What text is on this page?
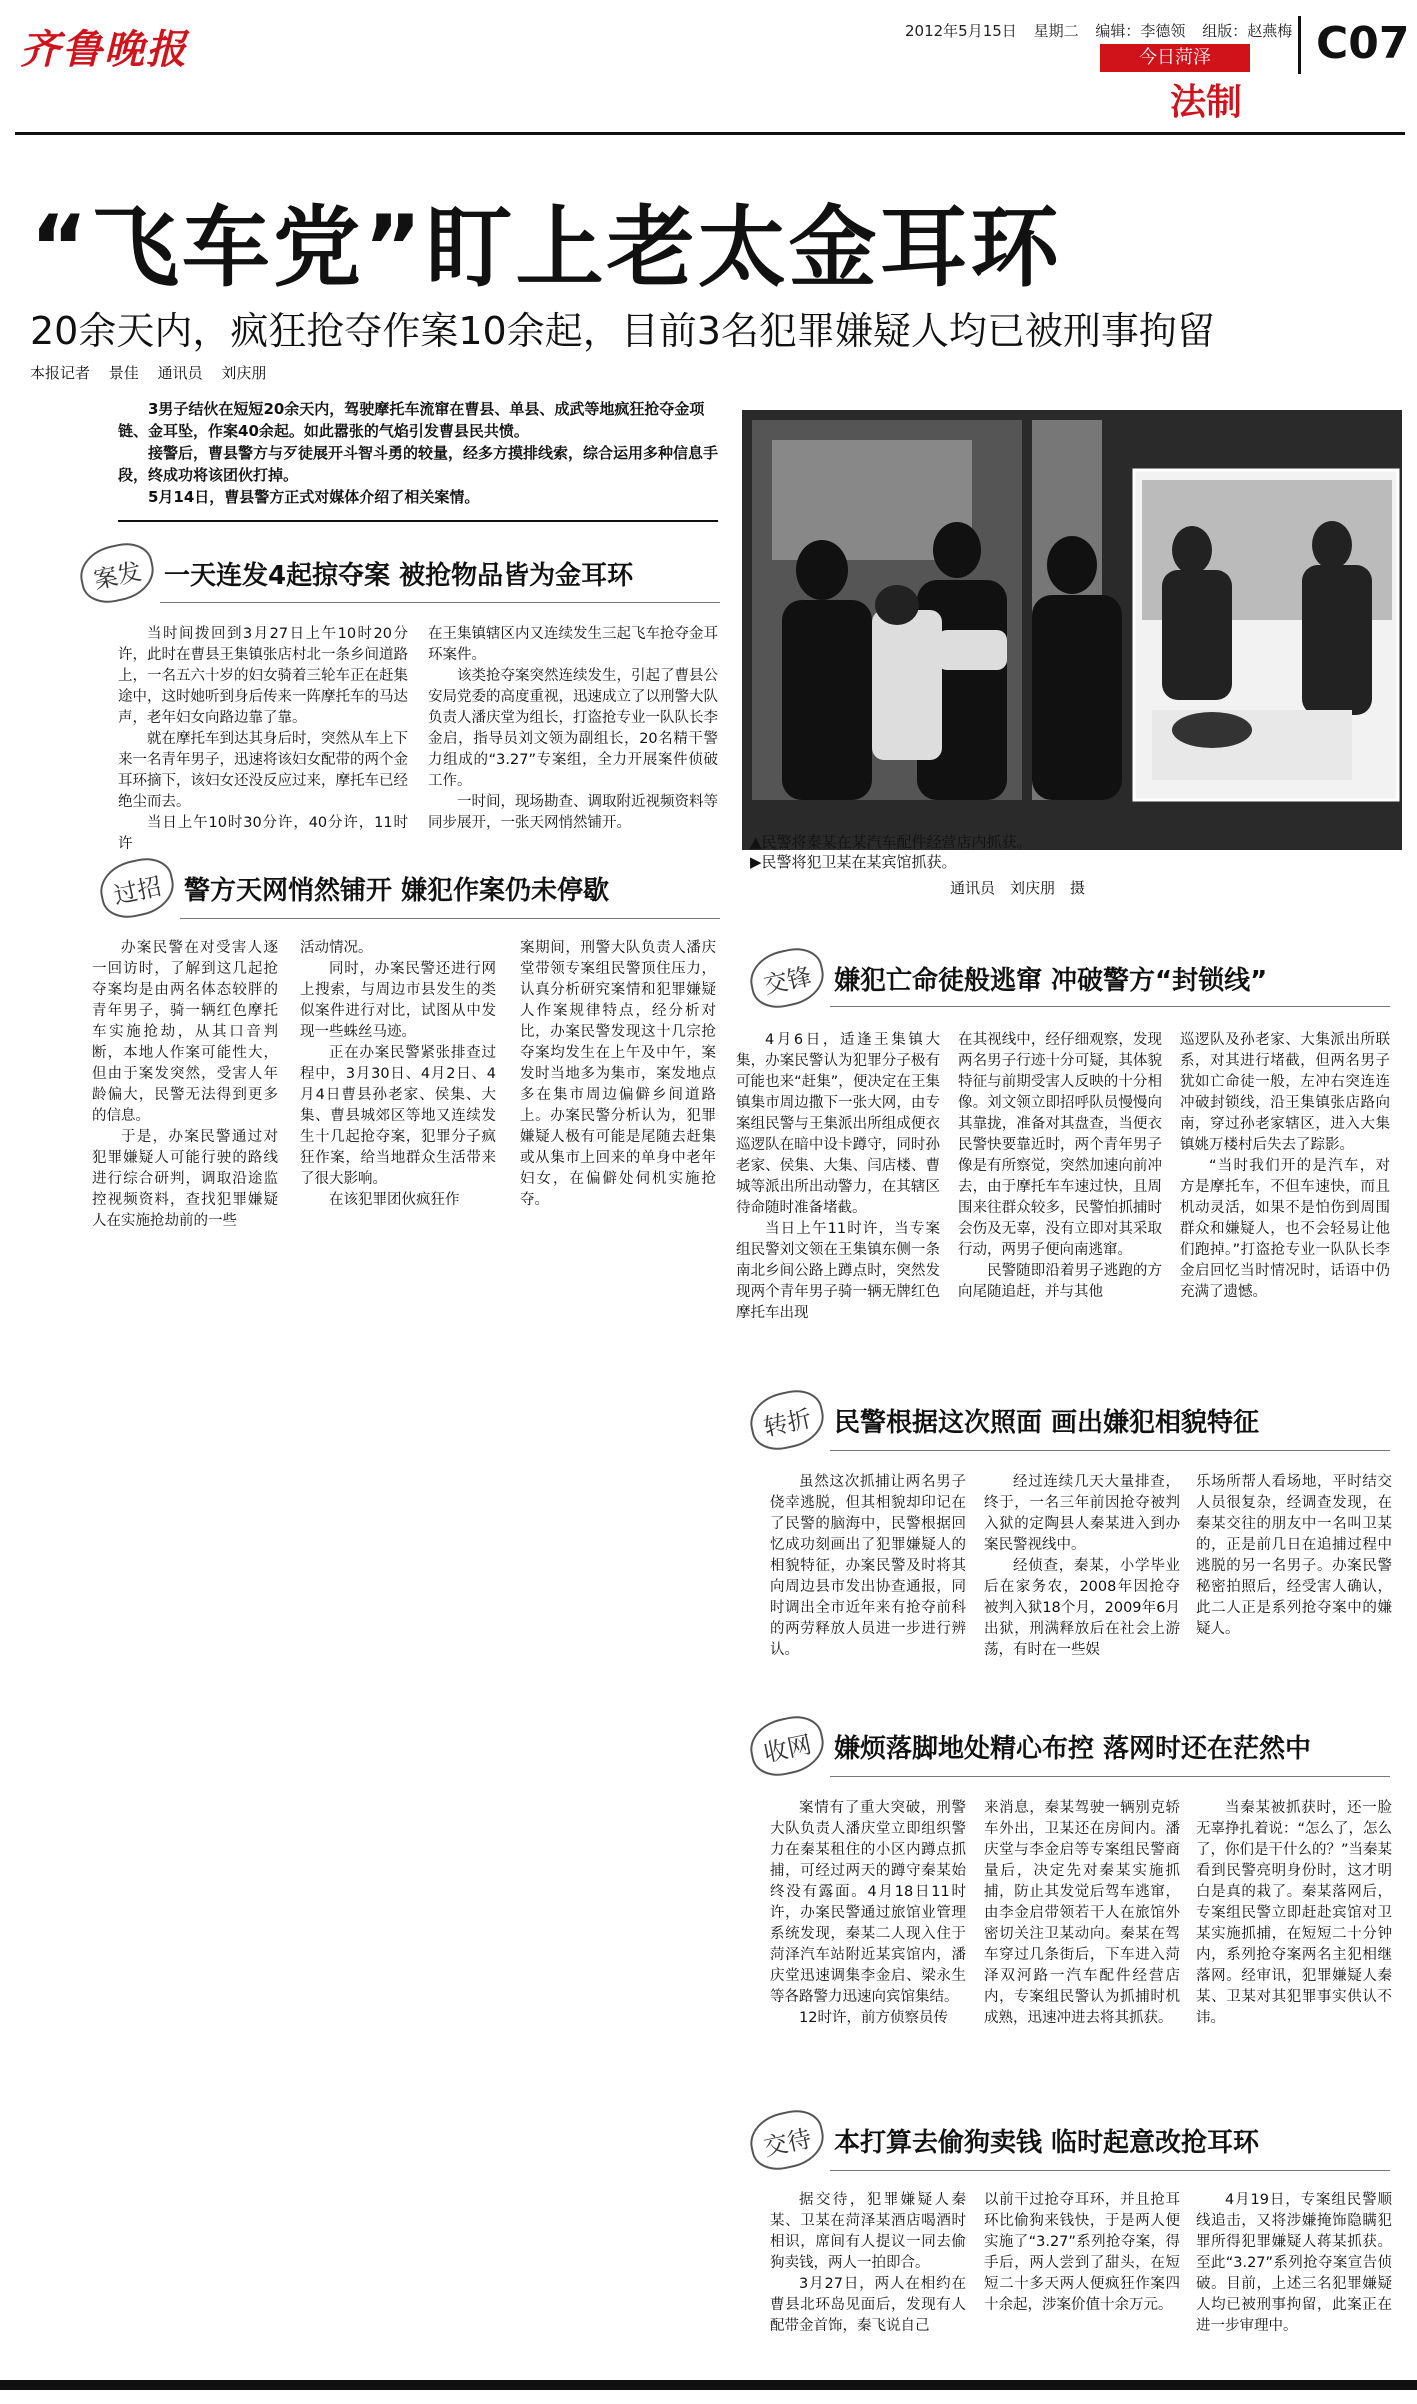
齐鲁晚报	2012年5月15日 星期二 编辑：李德领 组版：赵燕梅
今日菏泽
法制
C07
“飞车党”盯上老太金耳环
20余天内，疯狂抢夺作案10余起，目前3名犯罪嫌疑人均已被刑事拘留
本报记者 景佳 通讯员 刘庆朋

3男子结伙在短短20余天内，驾驶摩托车流窜在曹县、单县、成武等地疯狂抢夺金项链、金耳坠，作案40余起。如此嚣张的气焰引发曹县民共愤。

接警后，曹县警方与歹徒展开斗智斗勇的较量，经多方摸排线索，综合运用多种信息手段，终成功将该团伙打掉。

5月14日，曹县警方正式对媒体介绍了相关案情。

▲民警将秦某在某汽车配件经营店内抓获。
▶民警将犯卫某在某宾馆抓获。
通讯员　刘庆朋　摄
案发 一天连发4起掠夺案 被抢物品皆为金耳环

当时间拨回到3月27日上午10时20分许，此时在曹县王集镇张店村北一条乡间道路上，一名五六十岁的妇女骑着三轮车正在赶集途中，这时她听到身后传来一阵摩托车的马达声，老年妇女向路边靠了靠。

就在摩托车到达其身后时，突然从车上下来一名青年男子，迅速将该妇女配带的两个金耳环摘下，该妇女还没反应过来，摩托车已经绝尘而去。

当日上午10时30分许，40分许，11时许

在王集镇辖区内又连续发生三起飞车抢夺金耳环案件。

该类抢夺案突然连续发生，引起了曹县公安局党委的高度重视，迅速成立了以刑警大队负责人潘庆堂为组长，打盗抢专业一队队长李金启，指导员刘文领为副组长，20名精干警力组成的“3.27”专案组，全力开展案件侦破工作。

一时间，现场勘查、调取附近视频资料等同步展开，一张天网悄然铺开。

过招 警方天网悄然铺开 嫌犯作案仍未停歇

办案民警在对受害人逐一回访时，了解到这几起抢夺案均是由两名体态较胖的青年男子，骑一辆红色摩托车实施抢劫，从其口音判断，本地人作案可能性大，但由于案发突然，受害人年龄偏大，民警无法得到更多的信息。

于是，办案民警通过对犯罪嫌疑人可能行驶的路线进行综合研判，调取沿途监控视频资料，查找犯罪嫌疑人在实施抢劫前的一些

活动情况。

同时，办案民警还进行网上搜索，与周边市县发生的类似案件进行对比，试图从中发现一些蛛丝马迹。

正在办案民警紧张排查过程中，3月30日、4月2日、4月4日曹县孙老家、侯集、大集、曹县城郊区等地又连续发生十几起抢夺案，犯罪分子疯狂作案，给当地群众生活带来了很大影响。

在该犯罪团伙疯狂作

案期间，刑警大队负责人潘庆堂带领专案组民警顶住压力，认真分析研究案情和犯罪嫌疑人作案规律特点，经分析对比，办案民警发现这十几宗抢夺案均发生在上午及中午，案发时当地多为集市，案发地点多在集市周边偏僻乡间道路上。办案民警分析认为，犯罪嫌疑人极有可能是尾随去赶集或从集市上回来的单身中老年妇女，在偏僻处伺机实施抢夺。

交锋 嫌犯亡命徒般逃窜 冲破警方“封锁线”

4月6日，适逢王集镇大集，办案民警认为犯罪分子极有可能也来“赶集”，便决定在王集镇集市周边撒下一张大网，由专案组民警与王集派出所组成便衣巡逻队在暗中设卡蹲守，同时孙老家、侯集、大集、闫店楼、曹城等派出所出动警力，在其辖区待命随时准备堵截。

当日上午11时许，当专案组民警刘文领在王集镇东侧一条南北乡间公路上蹲点时，突然发现两个青年男子骑一辆无牌红色摩托车出现

在其视线中，经仔细观察，发现两名男子行迹十分可疑，其体貌特征与前期受害人反映的十分相像。刘文领立即招呼队员慢慢向其靠拢，准备对其盘查，当便衣民警快要靠近时，两个青年男子像是有所察觉，突然加速向前冲去，由于摩托车车速过快，且周围来往群众较多，民警怕抓捕时会伤及无辜，没有立即对其采取行动，两男子便向南逃窜。

民警随即沿着男子逃跑的方向尾随追赶，并与其他

巡逻队及孙老家、大集派出所联系，对其进行堵截，但两名男子犹如亡命徒一般，左冲右突连连冲破封锁线，沿王集镇张店路向南，穿过孙老家辖区，进入大集镇姚万楼村后失去了踪影。

“当时我们开的是汽车，对方是摩托车，不但车速快，而且机动灵活，如果不是怕伤到周围群众和嫌疑人，也不会轻易让他们跑掉。”打盗抢专业一队队长李金启回忆当时情况时，话语中仍充满了遗憾。

转折 民警根据这次照面 画出嫌犯相貌特征

虽然这次抓捕让两名男子侥幸逃脱，但其相貌却印记在了民警的脑海中，民警根据回忆成功刻画出了犯罪嫌疑人的相貌特征，办案民警及时将其向周边县市发出协查通报，同时调出全市近年来有抢夺前科的两劳释放人员进一步进行辨认。

经过连续几天大量排查，终于，一名三年前因抢夺被判入狱的定陶县人秦某进入到办案民警视线中。

经侦查，秦某，小学毕业后在家务农，2008年因抢夺被判入狱18个月，2009年6月出狱，刑满释放后在社会上游荡，有时在一些娱

乐场所帮人看场地，平时结交人员很复杂，经调查发现，在秦某交往的朋友中一名叫卫某的，正是前几日在追捕过程中逃脱的另一名男子。办案民警秘密拍照后，经受害人确认，此二人正是系列抢夺案中的嫌疑人。

收网 嫌烦落脚地处精心布控 落网时还在茫然中

案情有了重大突破，刑警大队负责人潘庆堂立即组织警力在秦某租住的小区内蹲点抓捕，可经过两天的蹲守秦某始终没有露面。4月18日11时许，办案民警通过旅馆业管理系统发现，秦某二人现入住于菏泽汽车站附近某宾馆内，潘庆堂迅速调集李金启、梁永生等各路警力迅速向宾馆集结。

12时许，前方侦察员传

来消息，秦某驾驶一辆别克轿车外出，卫某还在房间内。潘庆堂与李金启等专案组民警商量后，决定先对秦某实施抓捕，防止其发觉后驾车逃窜，由李金启带领若干人在旅馆外密切关注卫某动向。秦某在驾车穿过几条街后，下车进入菏泽双河路一汽车配件经营店内，专案组民警认为抓捕时机成熟，迅速冲进去将其抓获。

当秦某被抓获时，还一脸无辜挣扎着说：“怎么了，怎么了，你们是干什么的？”当秦某看到民警亮明身份时，这才明白是真的栽了。秦某落网后，专案组民警立即赶赴宾馆对卫某实施抓捕，在短短二十分钟内，系列抢夺案两名主犯相继落网。经审讯，犯罪嫌疑人秦某、卫某对其犯罪事实供认不讳。

交待 本打算去偷狗卖钱 临时起意改抢耳环

据交待，犯罪嫌疑人秦某、卫某在菏泽某酒店喝酒时相识，席间有人提议一同去偷狗卖钱，两人一拍即合。

3月27日，两人在相约在曹县北环岛见面后，发现有人配带金首饰，秦飞说自己

以前干过抢夺耳环，并且抢耳环比偷狗来钱快，于是两人便实施了“3.27”系列抢夺案，得手后，两人尝到了甜头，在短短二十多天两人便疯狂作案四十余起，涉案价值十余万元。

4月19日，专案组民警顺线追击，又将涉嫌掩饰隐瞒犯罪所得犯罪嫌疑人蒋某抓获。至此“3.27”系列抢夺案宣告侦破。目前，上述三名犯罪嫌疑人均已被刑事拘留，此案正在进一步审理中。
